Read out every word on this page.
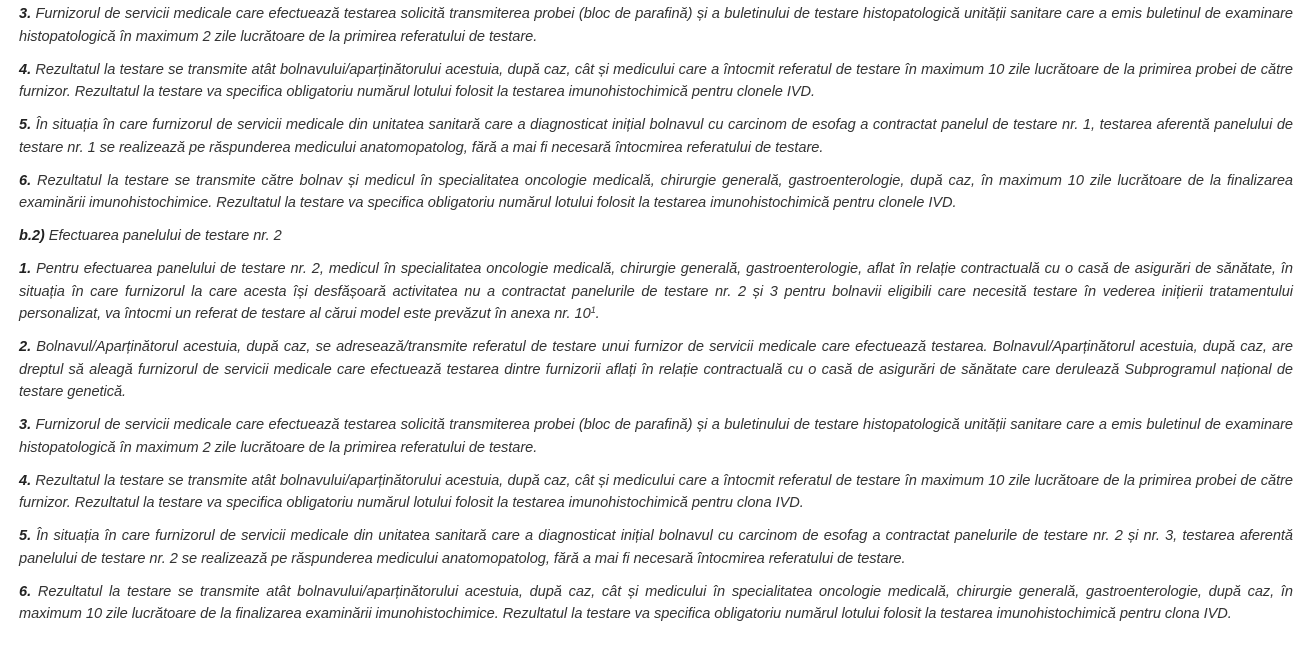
3. Furnizorul de servicii medicale care efectuează testarea solicită transmiterea probei (bloc de parafină) și a buletinului de testare histopatologică unității sanitare care a emis buletinul de examinare histopatologică în maximum 2 zile lucrătoare de la primirea referatului de testare.

4. Rezultatul la testare se transmite atât bolnavului/aparținătorului acestuia, după caz, cât și medicului care a întocmit referatul de testare în maximum 10 zile lucrătoare de la primirea probei de către furnizor. Rezultatul la testare va specifica obligatoriu numărul lotului folosit la testarea imunohistochimică pentru clonele IVD.

5. În situația în care furnizorul de servicii medicale din unitatea sanitară care a diagnosticat inițial bolnavul cu carcinom de esofag a contractat panelul de testare nr. 1, testarea aferentă panelului de testare nr. 1 se realizează pe răspunderea medicului anatomopatolog, fără a mai fi necesară întocmirea referatului de testare.

6. Rezultatul la testare se transmite către bolnav și medicul în specialitatea oncologie medicală, chirurgie generală, gastroenterologie, după caz, în maximum 10 zile lucrătoare de la finalizarea examinării imunohistochimice. Rezultatul la testare va specifica obligatoriu numărul lotului folosit la testarea imunohistochimică pentru clonele IVD.

b.2) Efectuarea panelului de testare nr. 2

1. Pentru efectuarea panelului de testare nr. 2, medicul în specialitatea oncologie medicală, chirurgie generală, gastroenterologie, aflat în relație contractuală cu o casă de asigurări de sănătate, în situația în care furnizorul la care acesta își desfășoară activitatea nu a contractat panelurile de testare nr. 2 și 3 pentru bolnavii eligibili care necesită testare în vederea inițierii tratamentului personalizat, va întocmi un referat de testare al cărui model este prevăzut în anexa nr. $10^1$.

2. Bolnavul/Aparținătorul acestuia, după caz, se adresează/transmite referatul de testare unui furnizor de servicii medicale care efectuează testarea. Bolnavul/Aparținătorul acestuia, după caz, are dreptul să aleagă furnizorul de servicii medicale care efectuează testarea dintre furnizorii aflați în relație contractuală cu o casă de asigurări de sănătate care derulează Subprogramul național de testare genetică.

3. Furnizorul de servicii medicale care efectuează testarea solicită transmiterea probei (bloc de parafină) și a buletinului de testare histopatologică unității sanitare care a emis buletinul de examinare histopatologică în maximum 2 zile lucrătoare de la primirea referatului de testare.

4. Rezultatul la testare se transmite atât bolnavului/aparținătorului acestuia, după caz, cât și medicului care a întocmit referatul de testare în maximum 10 zile lucrătoare de la primirea probei de către furnizor. Rezultatul la testare va specifica obligatoriu numărul lotului folosit la testarea imunohistochimică pentru clona IVD.

5. În situația în care furnizorul de servicii medicale din unitatea sanitară care a diagnosticat inițial bolnavul cu carcinom de esofag a contractat panelurile de testare nr. 2 și nr. 3, testarea aferentă panelului de testare nr. 2 se realizează pe răspunderea medicului anatomopatolog, fără a mai fi necesară întocmirea referatului de testare.

6. Rezultatul la testare se transmite atât bolnavului/aparținătorului acestuia, după caz, cât și medicului în specialitatea oncologie medicală, chirurgie generală, gastroenterologie, după caz, în maximum 10 zile lucrătoare de la finalizarea examinării imunohistochimice. Rezultatul la testare va specifica obligatoriu numărul lotului folosit la testarea imunohistochimică pentru clona IVD.
